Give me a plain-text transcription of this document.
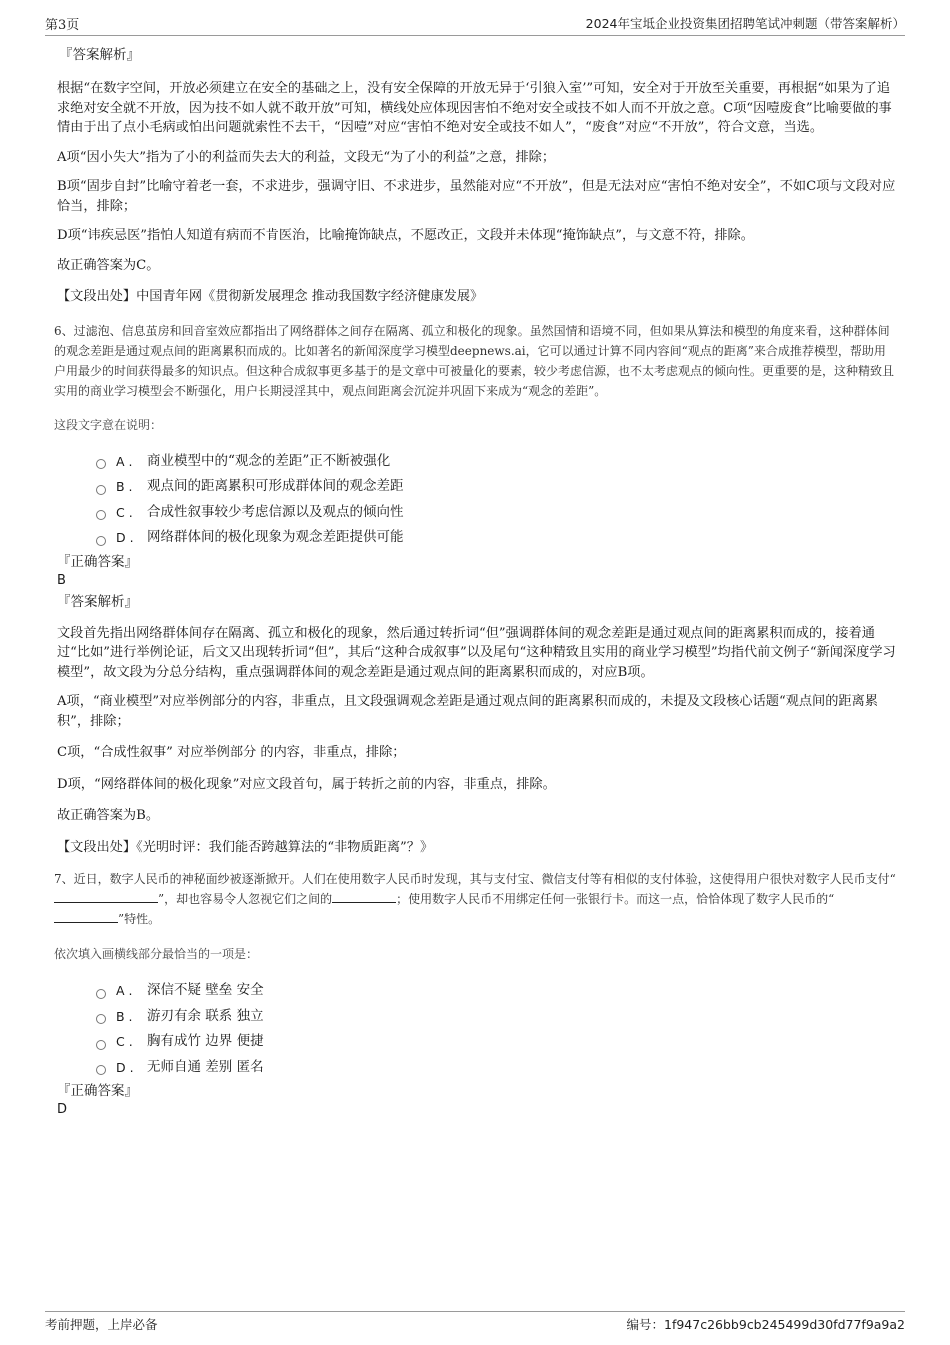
第3页	2024年宝坻企业投资集团招聘笔试冲刺题（带答案解析）

『答案解析』

根据“在数字空间，开放必须建立在安全的基础之上，没有安全保障的开放无异于‘引狼入室’”可知，安全对于开放至关重要，再根据“如果为了追求绝对安全就不开放，因为技不如人就不敢开放”可知，横线处应体现因害怕不绝对安全或技不如人而不开放之意。C项“因噎废食”比喻要做的事情由于出了点小毛病或怕出问题就索性不去干，“因噎”对应“害怕不绝对安全或技不如人”，“废食”对应“不开放”，符合文意，当选。

A项“因小失大”指为了小的利益而失去大的利益，文段无“为了小的利益”之意，排除；

B项“固步自封”比喻守着老一套，不求进步，强调守旧、不求进步，虽然能对应“不开放”，但是无法对应“害怕不绝对安全”，不如C项与文段对应恰当，排除；

D项“讳疾忌医”指怕人知道有病而不肯医治，比喻掩饰缺点，不愿改正，文段并未体现“掩饰缺点”，与文意不符，排除。

故正确答案为C。

【文段出处】中国青年网《贯彻新发展理念 推动我国数字经济健康发展》

6、过滤泡、信息茧房和回音室效应都指出了网络群体之间存在隔离、孤立和极化的现象。虽然国情和语境不同，但如果从算法和模型的角度来看，这种群体间的观念差距是通过观点间的距离累积而成的。比如著名的新闻深度学习模型deepnews.ai，它可以通过计算不同内容间“观点的距离”来合成推荐模型，帮助用户用最少的时间获得最多的知识点。但这种合成叙事更多基于的是文章中可被量化的要素，较少考虑信源，也不太考虑观点的倾向性。更重要的是，这种精致且实用的商业学习模型会不断强化，用户长期浸淫其中，观点间距离会沉淀并巩固下来成为“观念的差距”。

这段文字意在说明：

A .	商业模型中的“观念的差距”正不断被强化
B .	观点间的距离累积可形成群体间的观念差距
C .	合成性叙事较少考虑信源以及观点的倾向性
D . 网络群体间的极化现象为观念差距提供可能

『正确答案』

B

『答案解析』

文段首先指出网络群体间存在隔离、孤立和极化的现象，然后通过转折词“但”强调群体间的观念差距是通过观点间的距离累积而成的，接着通过“比如”进行举例论证，后文又出现转折词“但”，其后“这种合成叙事”以及尾句“这种精致且实用的商业学习模型”均指代前文例子“新闻深度学习模型”，故文段为分总分结构，重点强调群体间的观念差距是通过观点间的距离累积而成的，对应B项。

A项，“商业模型”对应举例部分的内容，非重点，且文段强调观念差距是通过观点间的距离累积而成的，未提及文段核心话题“观点间的距离累积”，排除；

C项，“合成性叙事” 对应举例部分 的内容，非重点，排除；

D项，“网络群体间的极化现象”对应文段首句，属于转折之前的内容，非重点，排除。

故正确答案为B。

【文段出处】《光明时评：我们能否跨越算法的“非物质距离”？》

7、近日，数字人民币的神秘面纱被逐渐掀开。人们在使用数字人民币时发现，其与支付宝、微信支付等有相似的支付体验，这使得用户很快对数字人民币支付“”，却也容易令人忽视它们之间的	；使用数字人民币不用绑定任何一张银行卡。而这一点，恰恰体现了数字人民币的“”特性。

依次填入画横线部分最恰当的一项是：

A .	深信不疑 壁垒 安全
B .	游刃有余 联系 独立
C .	胸有成竹 边界 便捷
D . 无师自通 差别 匿名

『正确答案』

D

考前押题，上岸必备	编号：1f947c26bb9cb245499d30fd77f9a9a2
